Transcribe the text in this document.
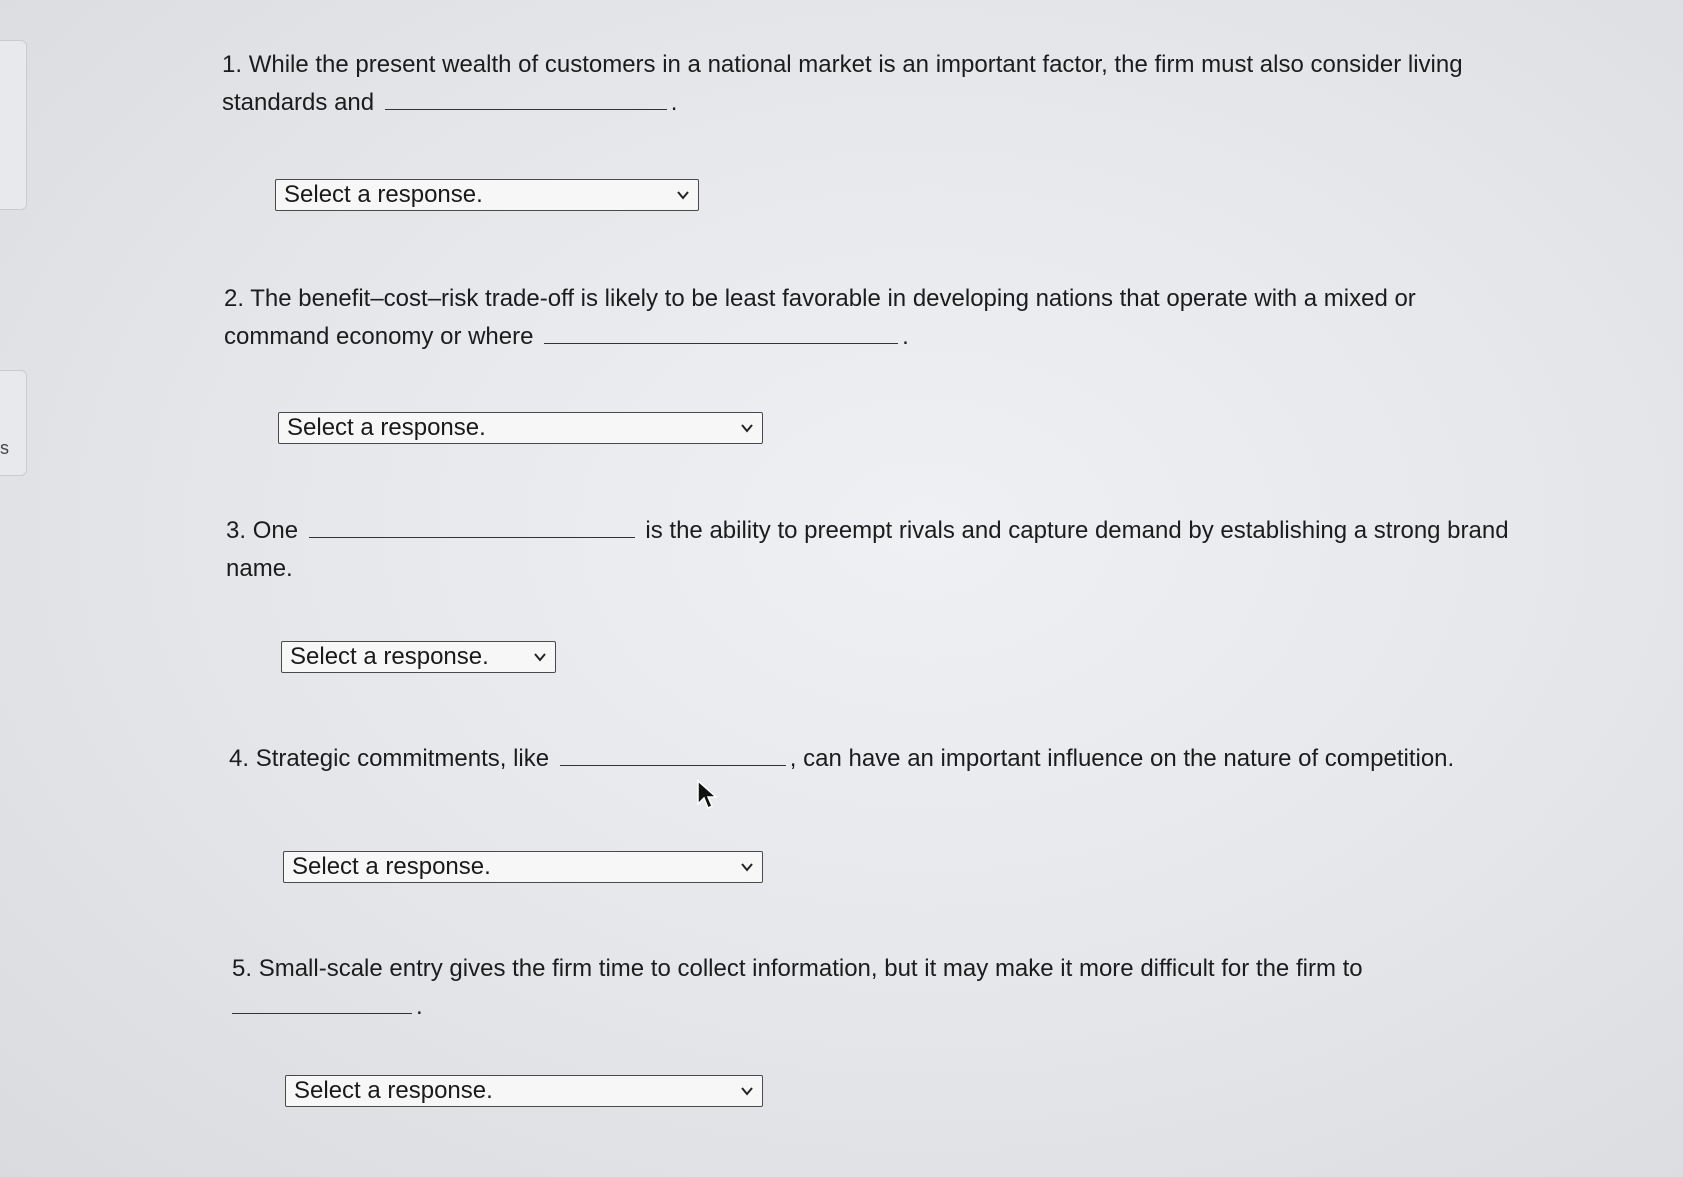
s
1. While the present wealth of customers in a national market is an important factor, the firm must also consider living standards and	.
Select a response.
2. The benefit–cost–risk trade-off is likely to be least favorable in developing nations that operate with a mixed or command economy or where	.
Select a response.
3. One	is the ability to preempt rivals and capture demand by establishing a strong brand name.
Select a response.
4. Strategic commitments, like	, can have an important influence on the nature of competition.
Select a response.
5. Small-scale entry gives the firm time to collect information, but it may make it more difficult for the firm to
.
Select a response.
